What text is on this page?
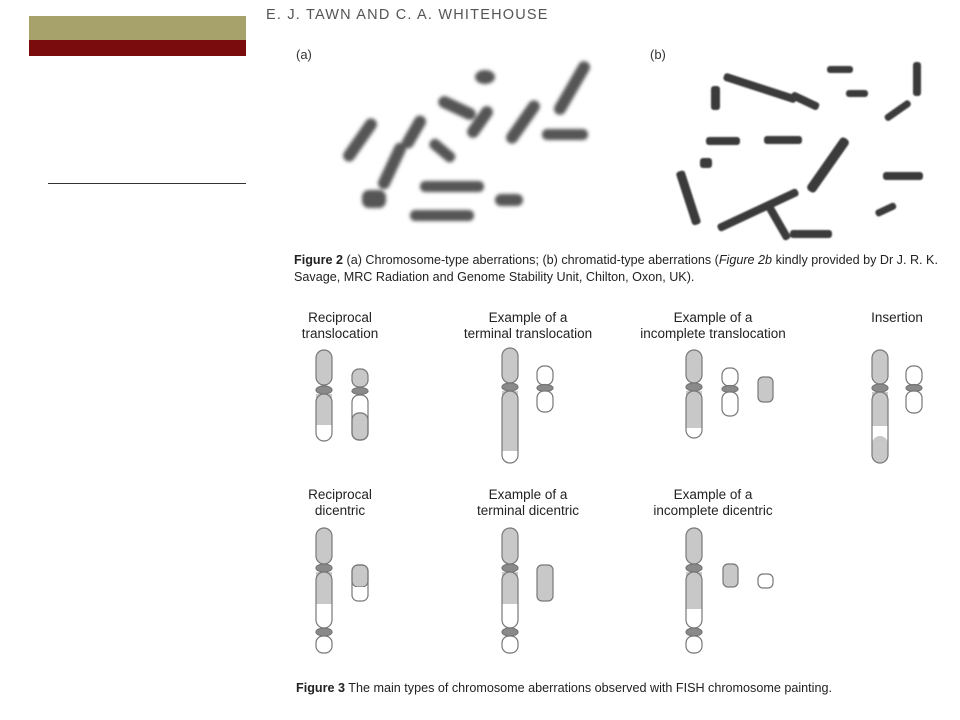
E. J. TAWN AND C. A. WHITEHOUSE
(a)	(b)
Figure 2 (a) Chromosome-type aberrations; (b) chromatid-type aberrations (Figure 2b kindly provided by Dr J. R. K. Savage, MRC Radiation and Genome Stability Unit, Chilton, Oxon, UK).
Reciprocal
translocation
Example of a
terminal translocation
Example of a
incomplete translocation
Insertion
Reciprocal
dicentric
Example of a
terminal dicentric
Example of a
incomplete dicentric
Figure 3 The main types of chromosome aberrations observed with FISH chromosome painting.
